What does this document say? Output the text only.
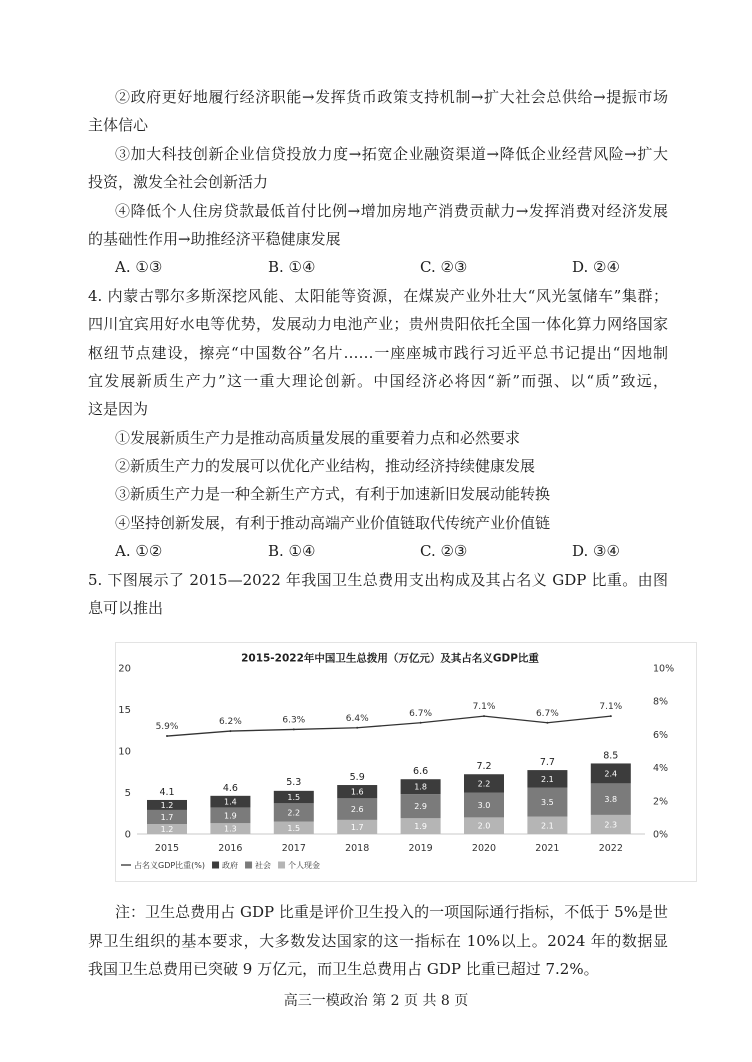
②政府更好地履行经济职能→发挥货币政策支持机制→扩大社会总供给→提振市场
主体信心
③加大科技创新企业信贷投放力度→拓宽企业融资渠道→降低企业经营风险→扩大
投资，激发全社会创新活力
④降低个人住房贷款最低首付比例→增加房地产消费贡献力→发挥消费对经济发展
的基础性作用→助推经济平稳健康发展
A. ①③	B. ①④	C. ②③	D. ②④
4. 内蒙古鄂尔多斯深挖风能、太阳能等资源，在煤炭产业外壮大“风光氢储车”集群；
四川宜宾用好水电等优势，发展动力电池产业；贵州贵阳依托全国一体化算力网络国家
枢纽节点建设，擦亮“中国数谷”名片……一座座城市践行习近平总书记提出“因地制
宜发展新质生产力”这一重大理论创新。中国经济必将因“新”而强、以“质”致远，
这是因为
①发展新质生产力是推动高质量发展的重要着力点和必然要求
②新质生产力的发展可以优化产业结构，推动经济持续健康发展
③新质生产力是一种全新生产方式，有利于加速新旧发展动能转换
④坚持创新发展，有利于推动高端产业价值链取代传统产业价值链
A. ①②	B. ①④	C. ②③	D. ③④
5. 下图展示了 2015—2022 年我国卫生总费用支出构成及其占名义 GDP 比重。由图
息可以推出
2015-2022年中国卫生总拨用（万亿元）及其占名义GDP比重
0
5
10
15
20
0%
2%
4%
6%
8%
10%
1.2
1.7
1.2
4.1
2015
1.3
1.9
1.4
4.6
2016
1.5
2.2
1.5
5.3
2017
1.7
2.6
1.6
5.9
2018
1.9
2.9
1.8
6.6
2019
2.0
3.0
2.2
7.2
2020
2.1
3.5
2.1
7.7
2021
2.3
3.8
2.4
8.5
2022
5.9%	6.2%	6.3%	6.4%	6.7%
7.1%
6.7%
7.1%
占名义GDP比重(%) 政府 社会 个人现金
注：卫生总费用占 GDP 比重是评价卫生投入的一项国际通行指标，不低于 5%是世
界卫生组织的基本要求，大多数发达国家的这一指标在 10%以上。2024 年的数据显
我国卫生总费用已突破 9 万亿元，而卫生总费用占 GDP 比重已超过 7.2%。
高三一模政治 第 2 页 共 8 页
